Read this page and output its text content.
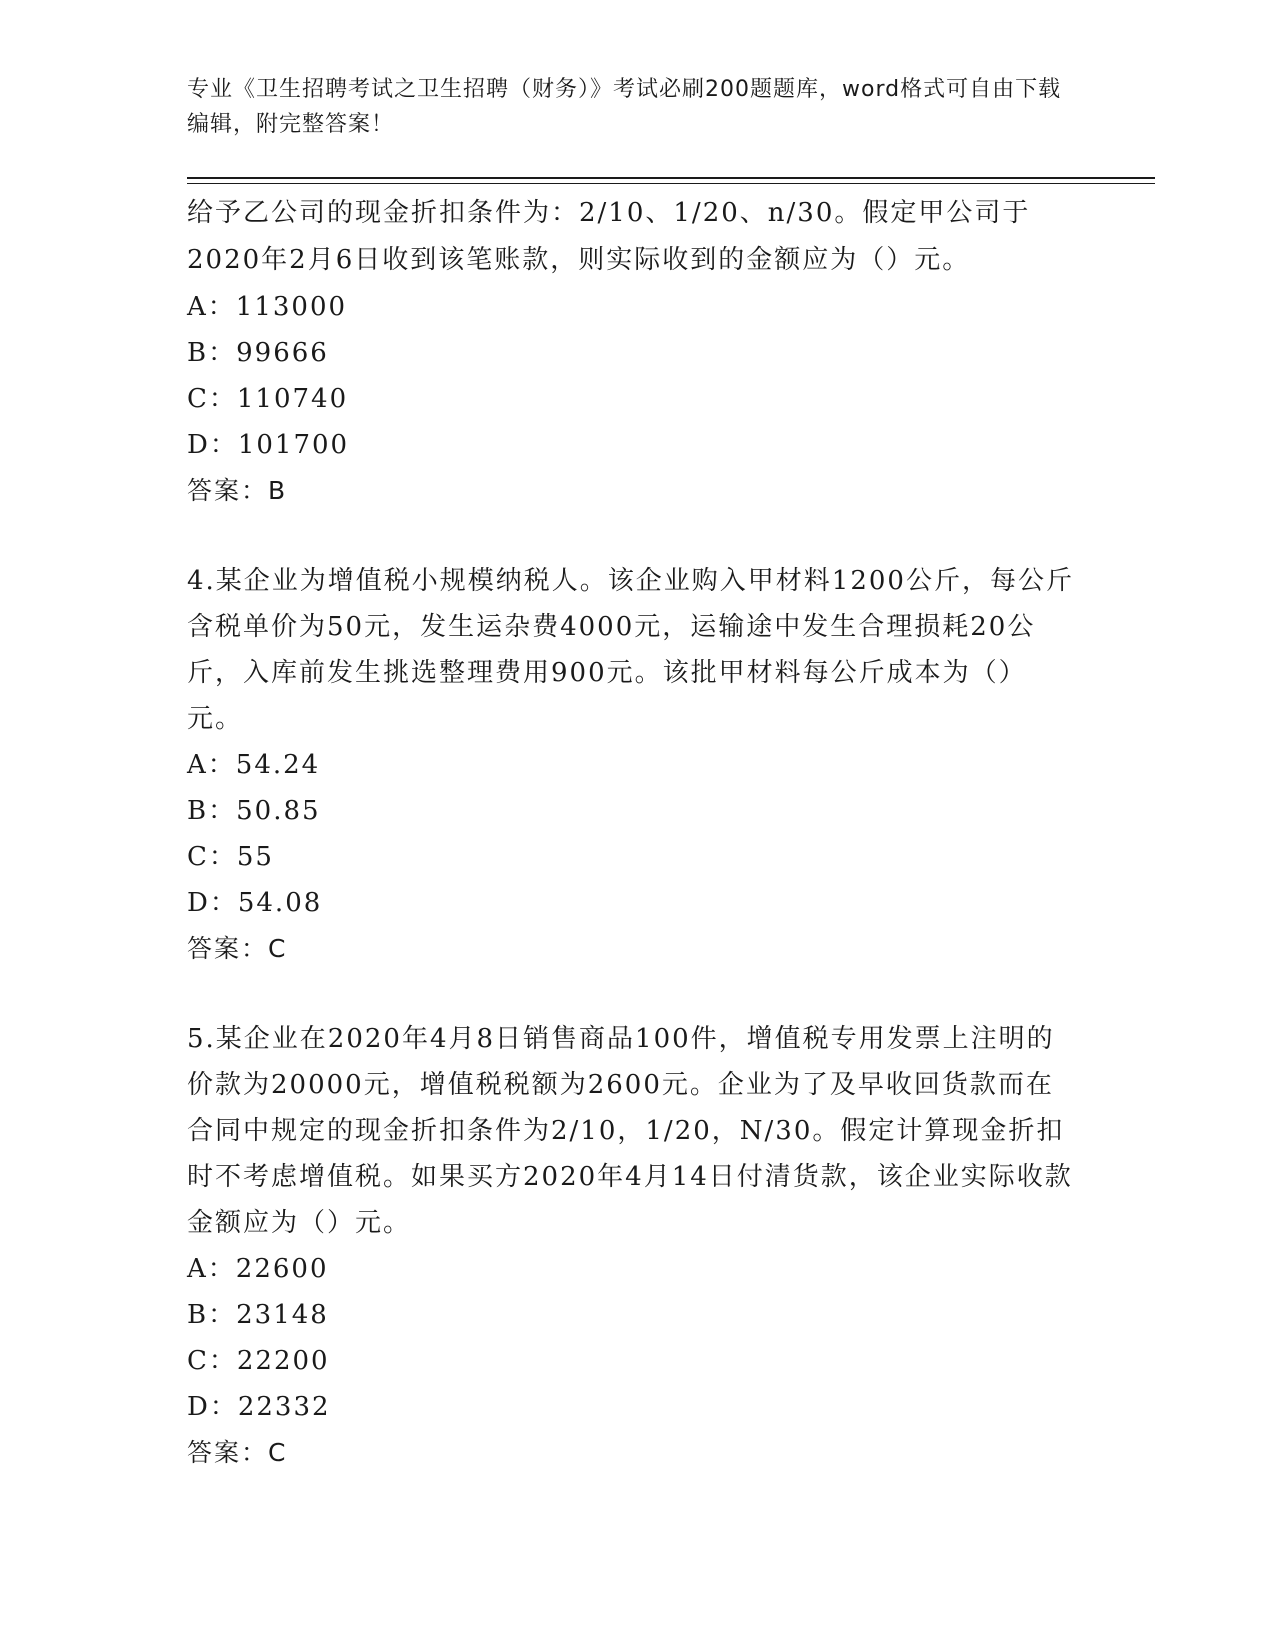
专业《卫生招聘考试之卫生招聘（财务）》考试必刷200题题库，word格式可自由下载编辑，附完整答案！

给予乙公司的现金折扣条件为：2/10、1/20、n/30。假定甲公司于2020年2月6日收到该笔账款，则实际收到的金额应为（）元。

A：113000

B：99666

C：110740

D：101700

答案：B

4.某企业为增值税小规模纳税人。该企业购入甲材料1200公斤，每公斤含税单价为50元，发生运杂费4000元，运输途中发生合理损耗20公斤，入库前发生挑选整理费用900元。该批甲材料每公斤成本为（）元。

A：54.24

B：50.85

C：55

D：54.08

答案：C

5.某企业在2020年4月8日销售商品100件，增值税专用发票上注明的价款为20000元，增值税税额为2600元。企业为了及早收回货款而在合同中规定的现金折扣条件为2/10，1/20，N/30。假定计算现金折扣时不考虑增值税。如果买方2020年4月14日付清货款，该企业实际收款金额应为（）元。

A：22600

B：23148

C：22200

D：22332

答案：C
